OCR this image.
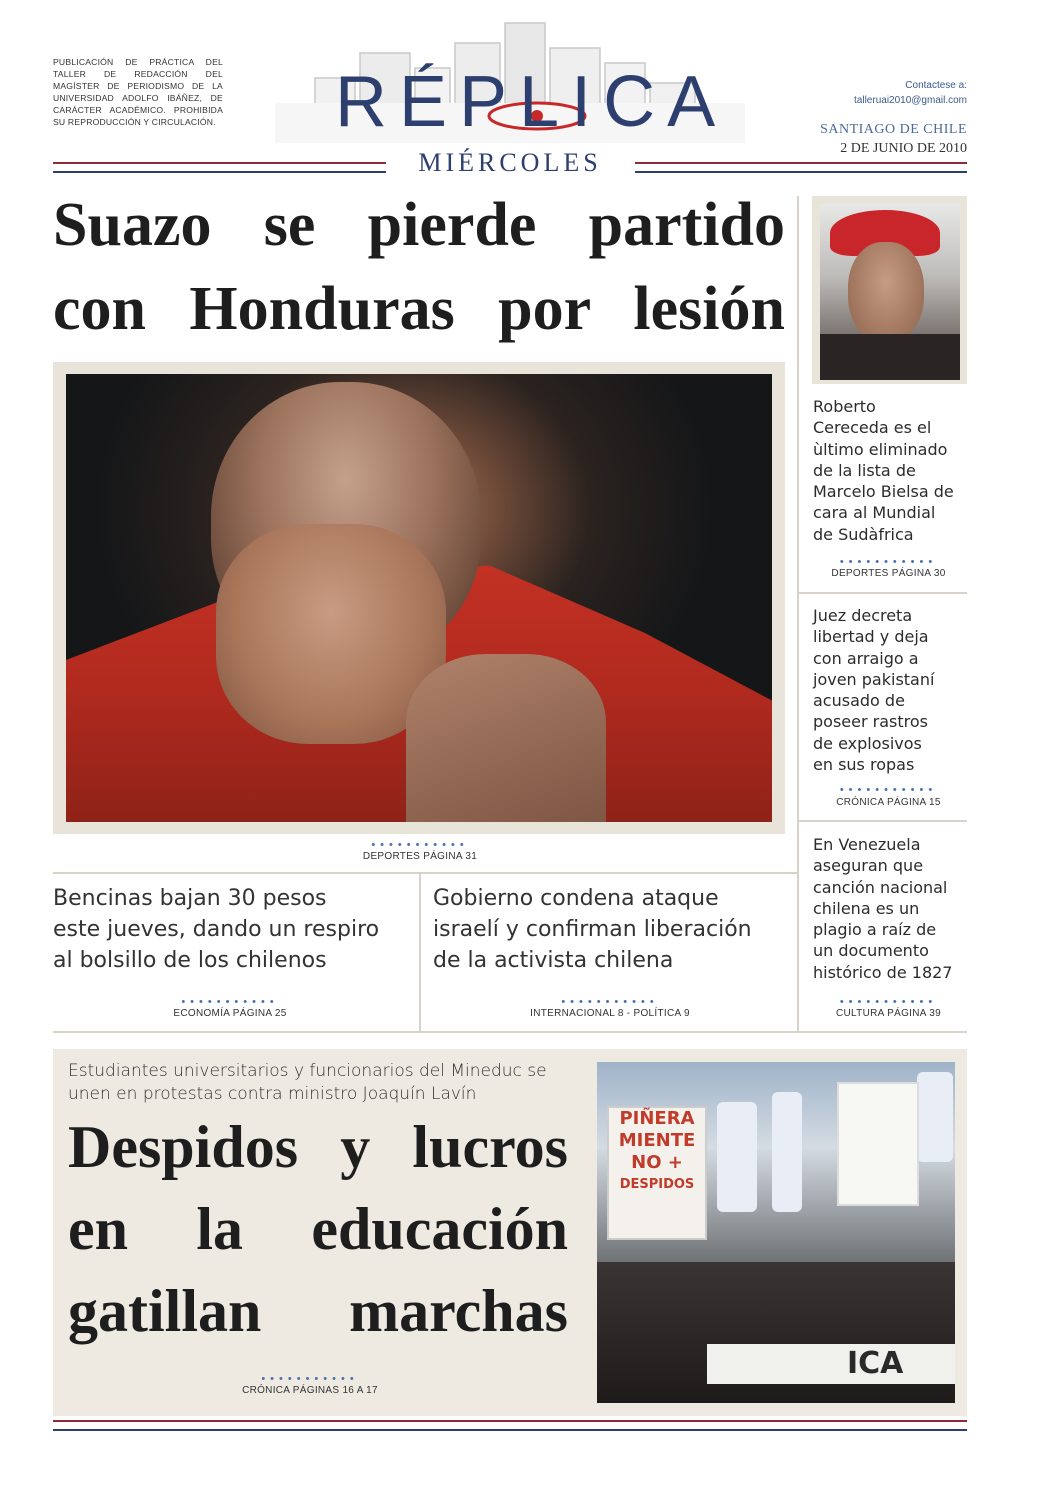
PUBLICACIÓN DE PRÁCTICA DEL TALLER DE REDACCIÓN DEL MAGÍSTER DE PERIODISMO DE LA UNIVERSIDAD ADOLFO IBÁÑEZ, DE CARÁCTER ACADÉMICO. PROHIBIDA SU REPRODUCCIÓN Y CIRCULACIÓN. RÉPLICA
MIÉRCOLES
Contactese a:
talleruai2010@gmail.com
SANTIAGO DE CHILE
2 DE JUNIO DE 2010
Suazo se pierde partido
con Honduras por lesión
•••••••••••
DEPORTES PÁGINA 31
Bencinas bajan 30 pesos
este jueves, dando un respiro
al bolsillo de los chilenos
•••••••••••
ECONOMÍA PÁGINA 25
Gobierno condena ataque
israelí y confirman liberación
de la activista chilena
•••••••••••
INTERNACIONAL 8 - POLÍTICA 9
Roberto
Cereceda es el
ùltimo eliminado
de la lista de
Marcelo Bielsa de
cara al Mundial
de Sudàfrica
•••••••••••
DEPORTES PÁGINA 30
Juez decreta
libertad y deja
con arraigo a
joven pakistaní
acusado de
poseer rastros
de explosivos
en sus ropas
•••••••••••
CRÓNICA PÁGINA 15
En Venezuela
aseguran que
canción nacional
chilena es un
plagio a raíz de
un documento
histórico de 1827
•••••••••••
CULTURA PÁGINA 39
Estudiantes universitarios y funcionarios del Mineduc se unen en protestas contra ministro Joaquín Lavín
Despidos y lucros
en la educación
gatillan marchas
•••••••••••
CRÓNICA PÁGINAS 16 A 17
PIÑERA
MIENTE
NO +
DESPIDOS
ICA
